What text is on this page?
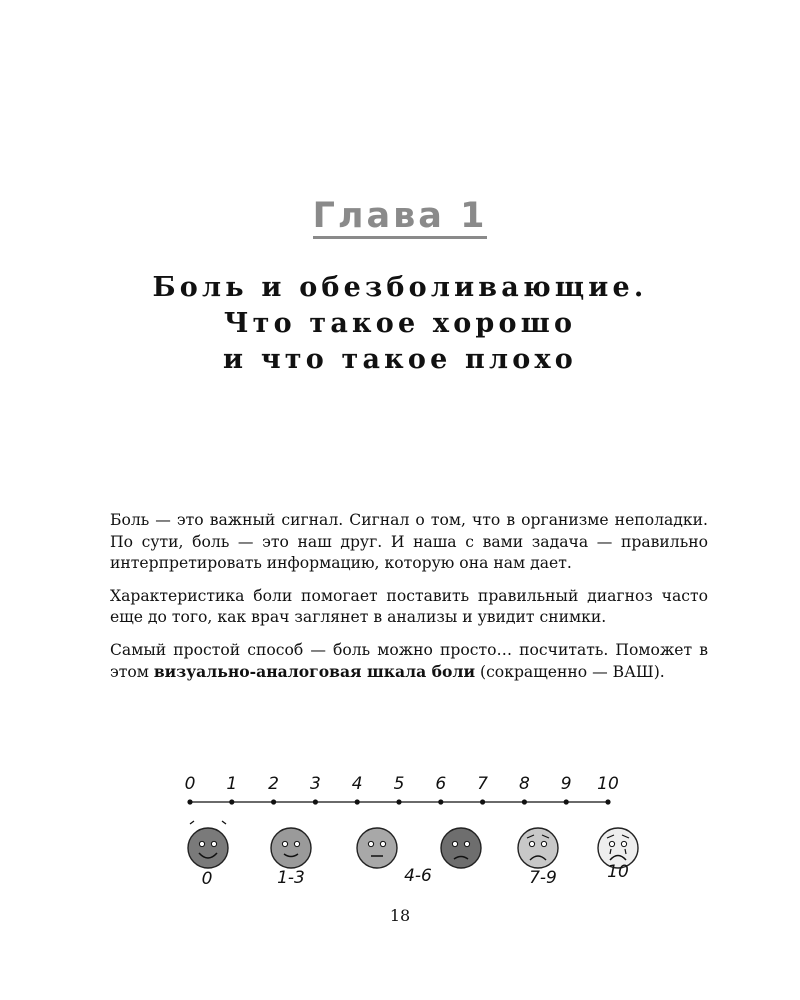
Глава 1
Боль и обезболивающие.
Что такое хорошо
и что такое плохо

Боль — это важный сигнал. Сигнал о том, что в организме неполадки. По сути, боль — это наш друг. И наша с вами задача — правильно интерпретировать информацию, которую она нам дает.

Характеристика боли помогает поставить правильный диагноз часто еще до того, как врач заглянет в анализы и увидит снимки.

Самый простой способ — боль можно просто… посчитать. Поможет в этом визуально-аналоговая шкала боли (сокращенно — ВАШ).

0 1 2 3 4 5 6 7 8 9 10
0	1-3	4-6	7-9	10
18
